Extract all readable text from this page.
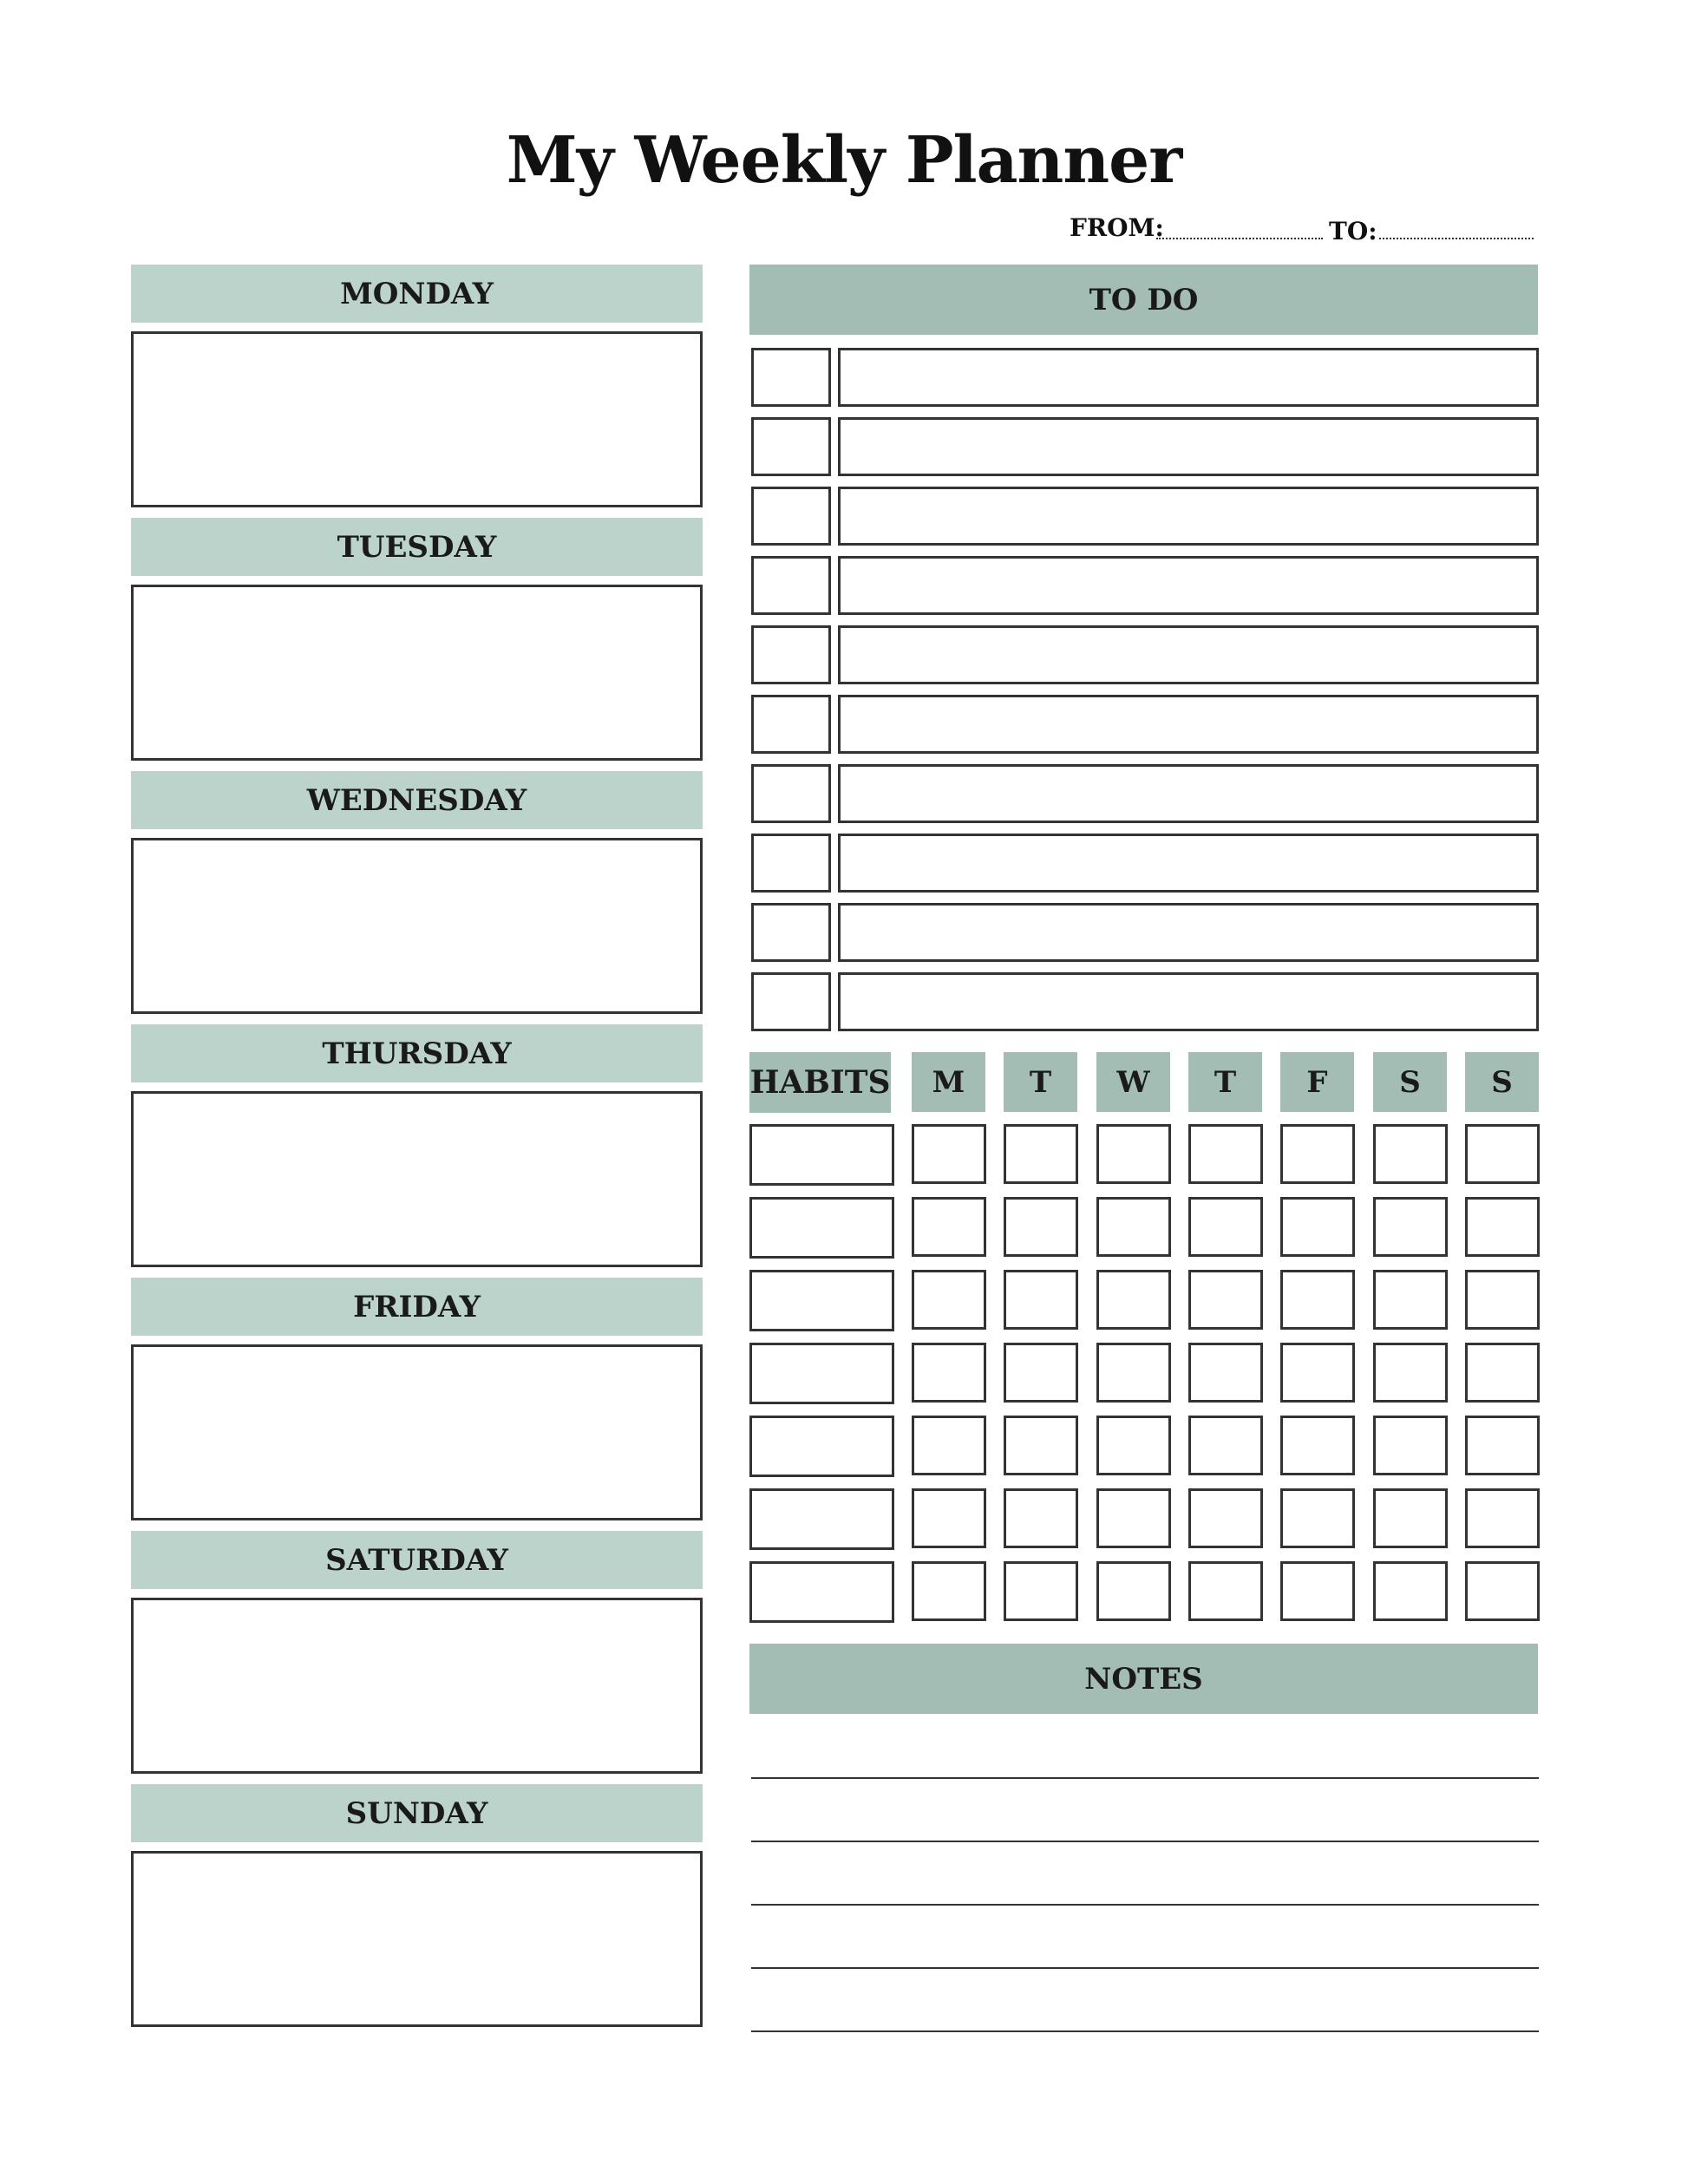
My Weekly Planner
FROM:	TO:
MONDAY
TUESDAY
WEDNESDAY
THURSDAY
FRIDAY
SATURDAY
SUNDAY
TO DO
HABITS	M	T	W	T	F	S	S
NOTES
